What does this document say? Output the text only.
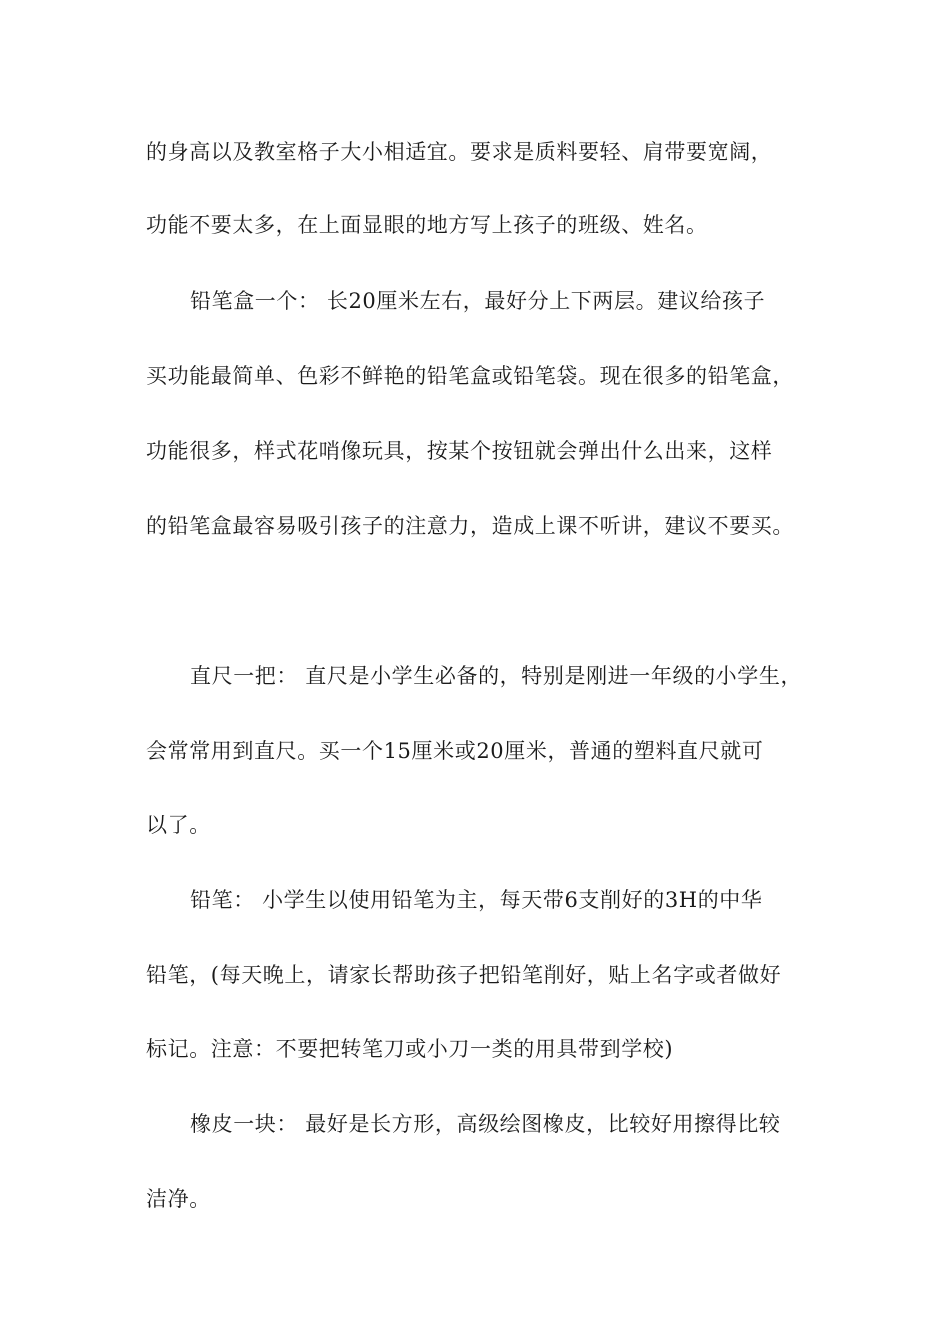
的身高以及教室格子大小相适宜。要求是质料要轻、肩带要宽阔，
功能不要太多，在上面显眼的地方写上孩子的班级、姓名。
铅笔盒一个： 长20厘米左右，最好分上下两层。建议给孩子
买功能最简单、色彩不鲜艳的铅笔盒或铅笔袋。现在很多的铅笔盒，
功能很多，样式花哨像玩具，按某个按钮就会弹出什么出来，这样
的铅笔盒最容易吸引孩子的注意力，造成上课不听讲，建议不要买。
直尺一把： 直尺是小学生必备的，特别是刚进一年级的小学生，
会常常用到直尺。买一个15厘米或20厘米，普通的塑料直尺就可
以了。
铅笔： 小学生以使用铅笔为主，每天带6支削好的3H的中华
铅笔，(每天晚上，请家长帮助孩子把铅笔削好，贴上名字或者做好
标记。注意：不要把转笔刀或小刀一类的用具带到学校)
橡皮一块： 最好是长方形，高级绘图橡皮，比较好用擦得比较
洁净。
